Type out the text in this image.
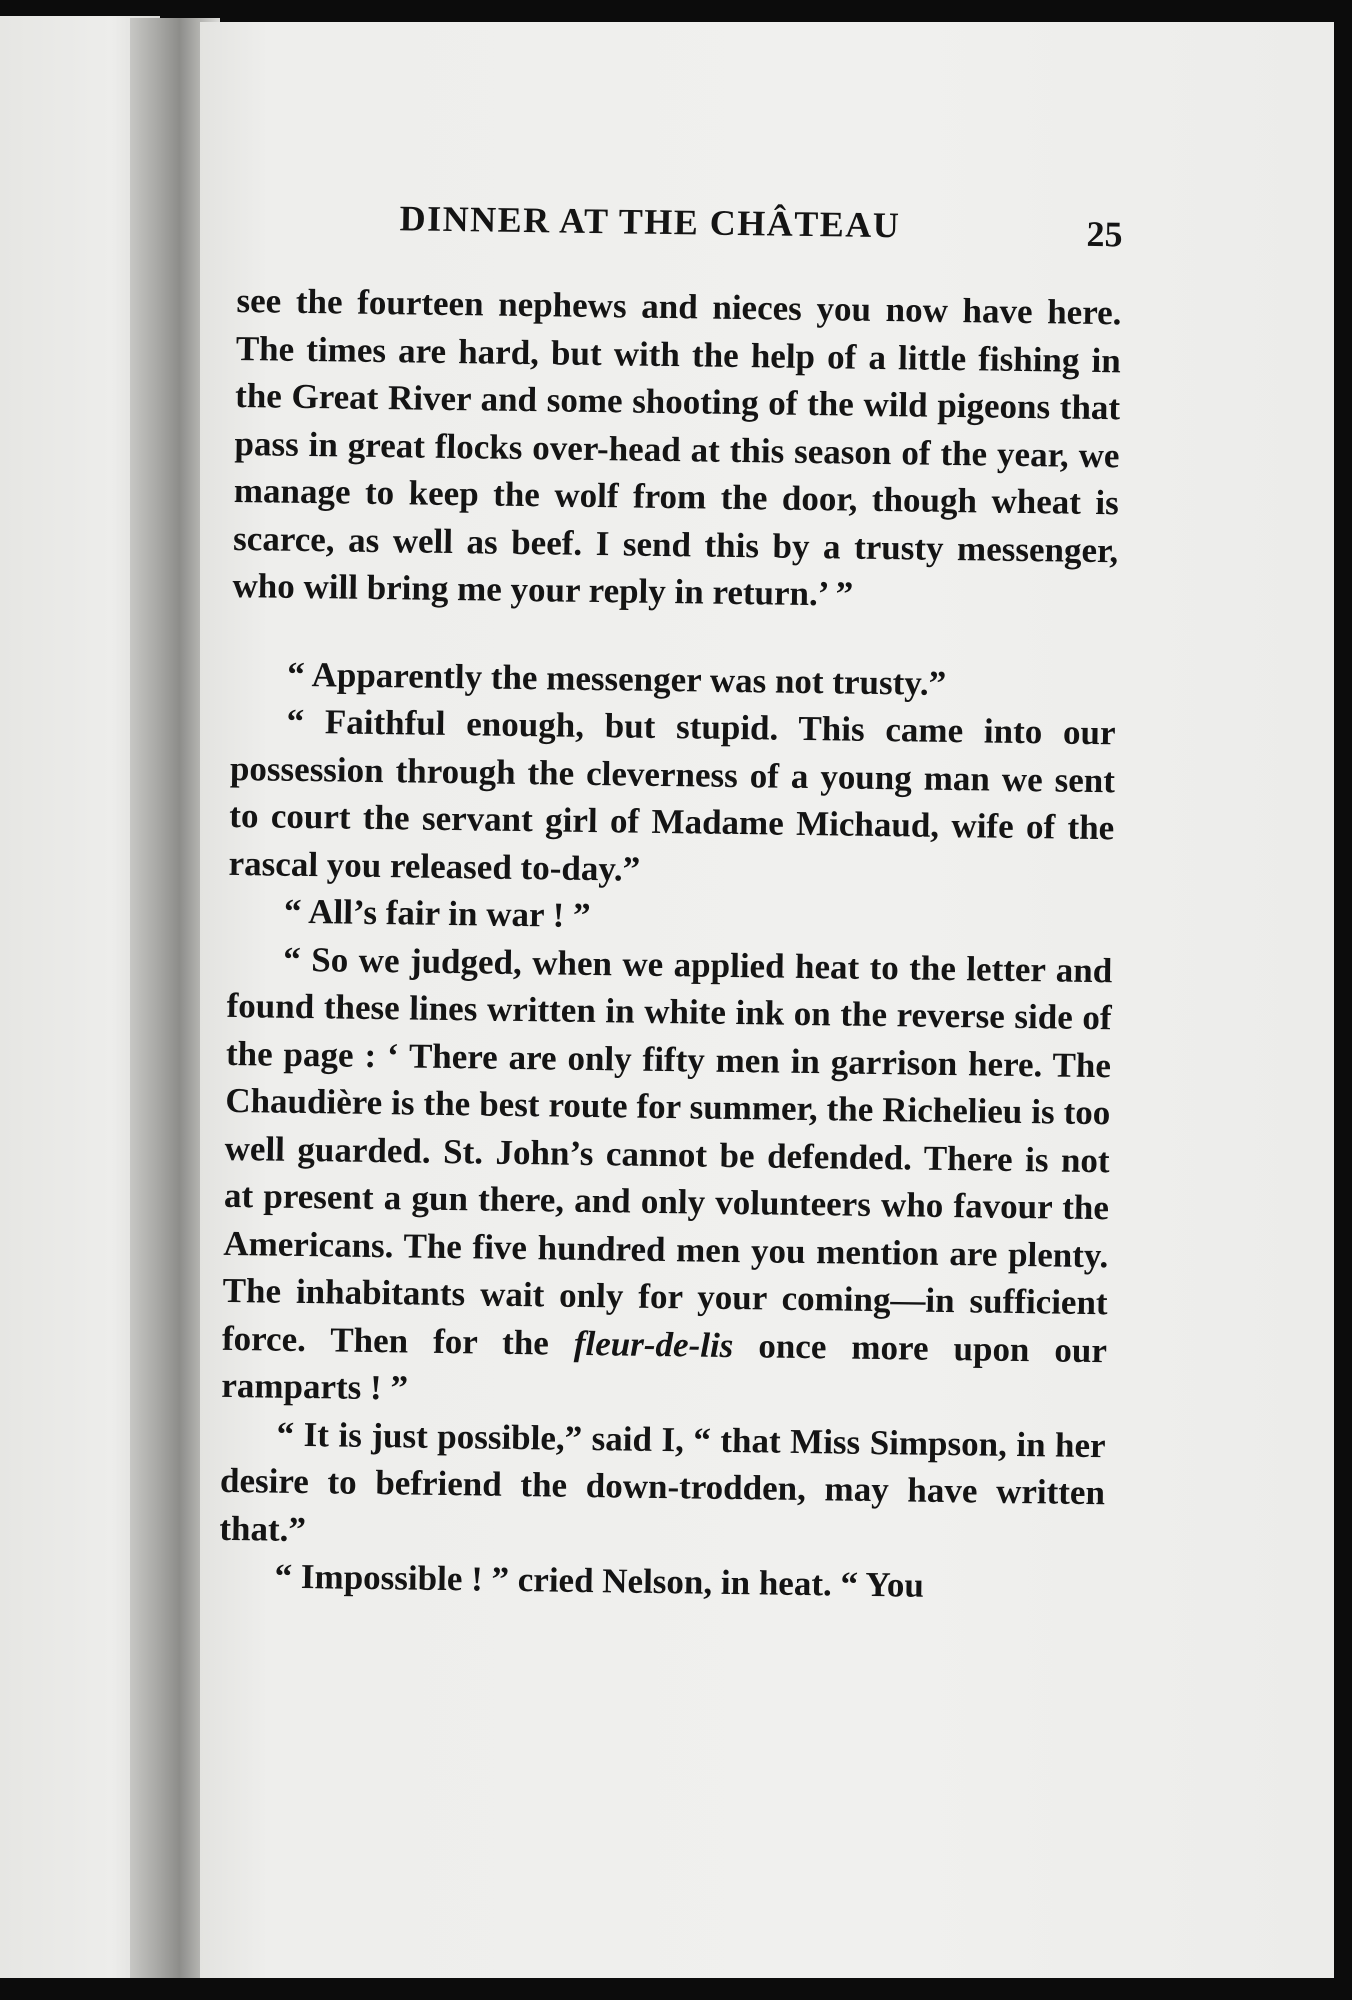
DINNER AT THE CHÂTEAU	25

see the fourteen nephews and nieces you now have here. The times are hard, but with the help of a little fishing in the Great River and some shooting of the wild pigeons that pass in great flocks over-head at this season of the year, we manage to keep the wolf from the door, though wheat is scarce, as well as beef. I send this by a trusty messenger, who will bring me your reply in return.’ ”

“ Apparently the messenger was not trusty.”

“ Faithful enough, but stupid. This came into our possession through the cleverness of a young man we sent to court the servant girl of Madame Michaud, wife of the rascal you released to-day.”

“ All’s fair in war ! ”

“ So we judged, when we applied heat to the letter and found these lines written in white ink on the reverse side of the page : ‘ There are only fifty men in garrison here. The Chaudière is the best route for summer, the Richelieu is too well guarded. St. John’s cannot be defended. There is not at present a gun there, and only volunteers who favour the Americans. The five hundred men you mention are plenty. The inhabitants wait only for your coming—in sufficient force. Then for the fleur-de-lis once more upon our ramparts ! ”

“ It is just possible,” said I, “ that Miss Simpson, in her desire to befriend the down-trodden, may have written that.”

“ Impossible ! ” cried Nelson, in heat. “ You
